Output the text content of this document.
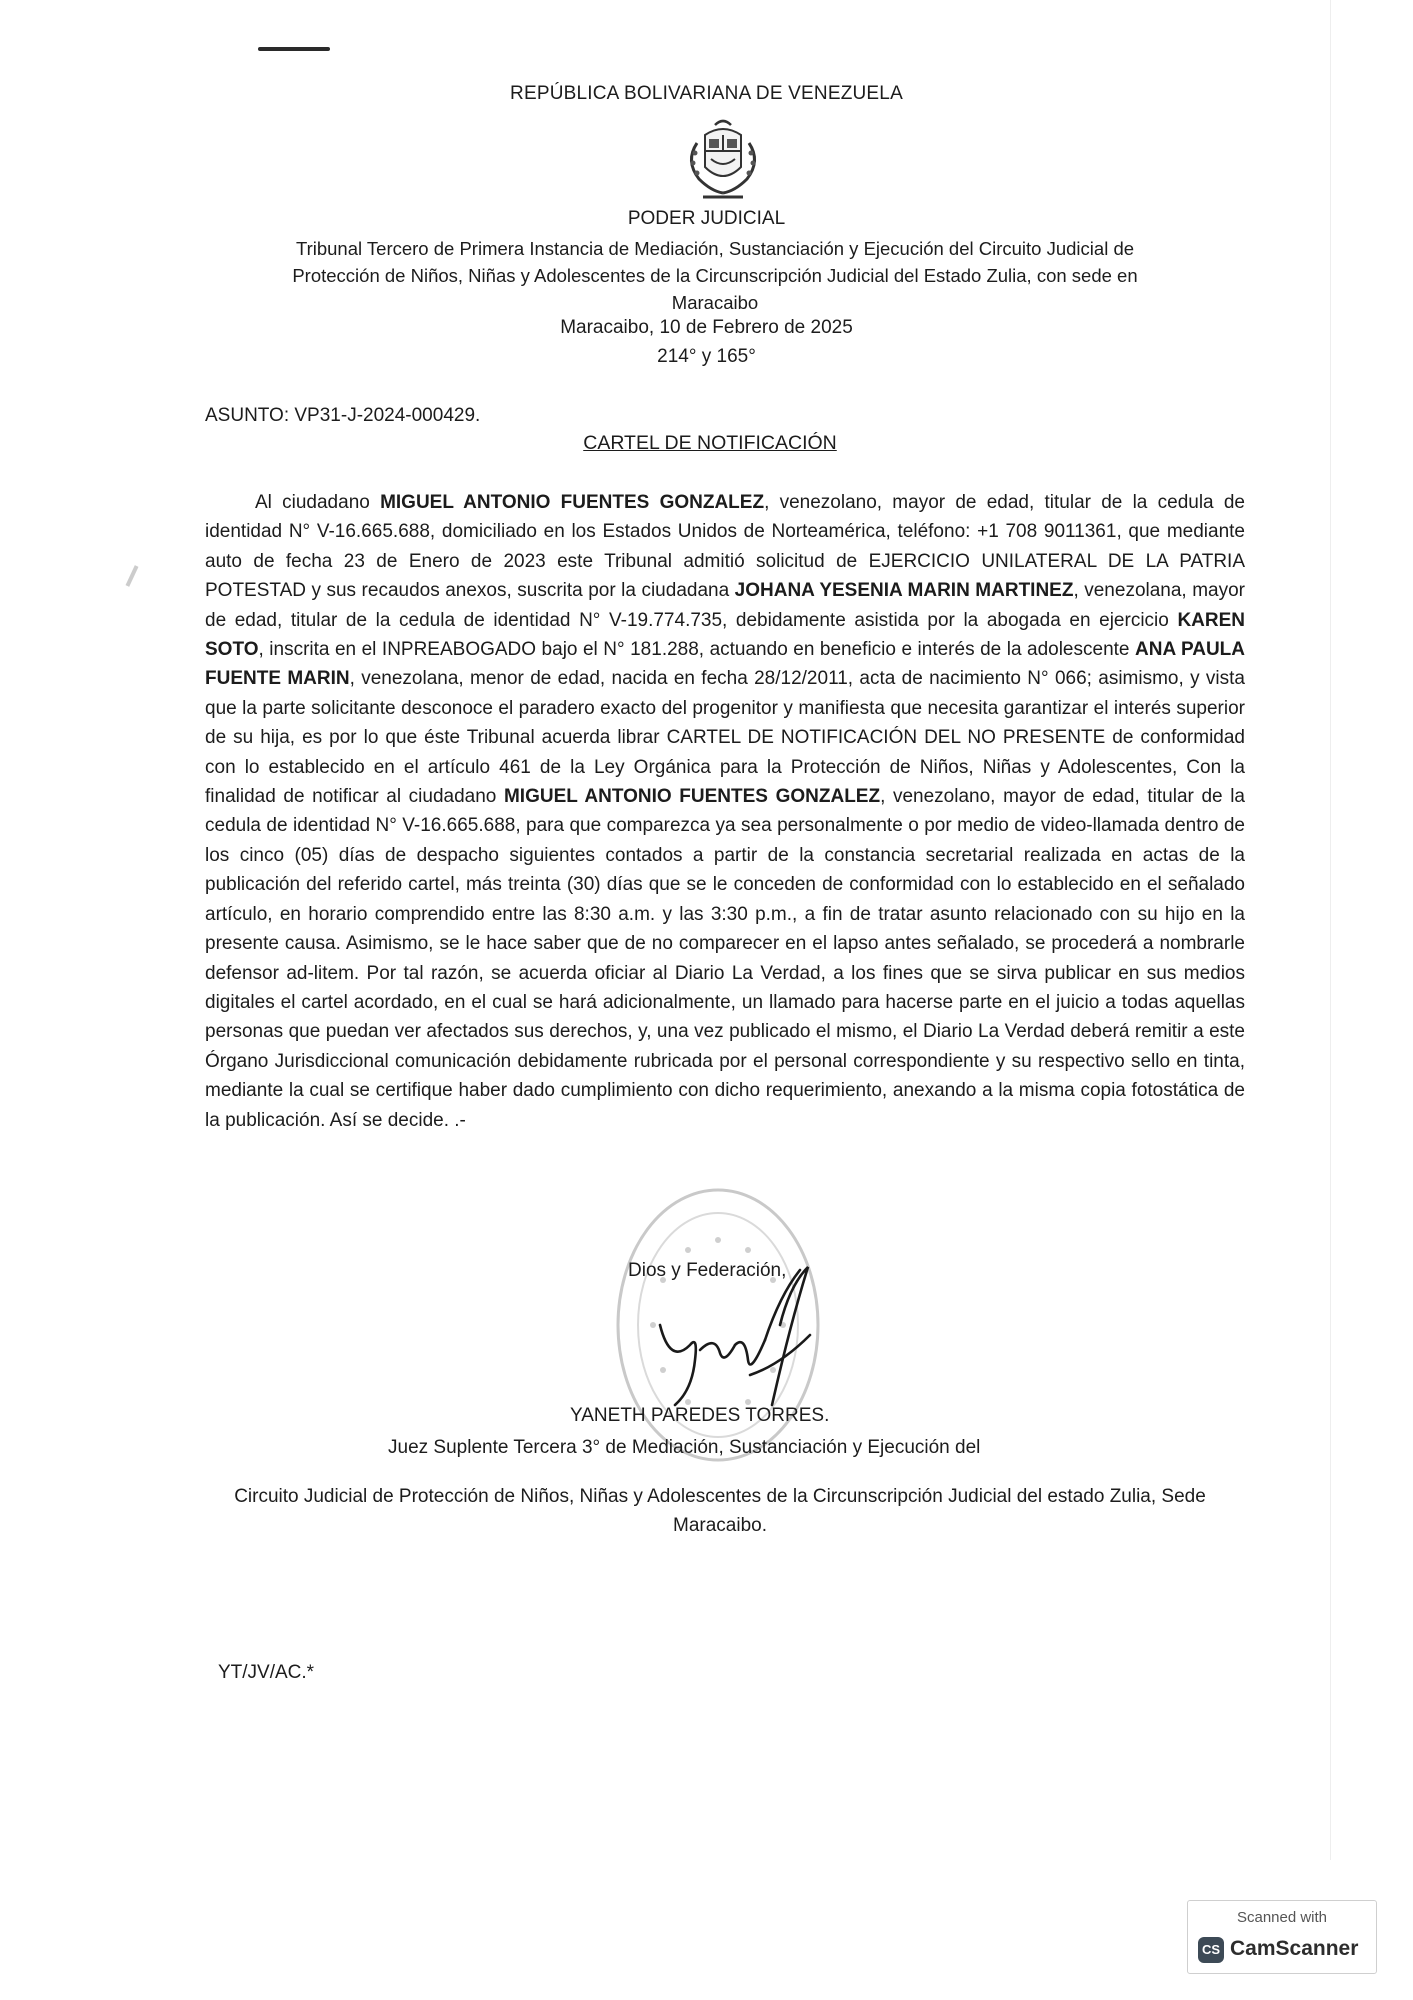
REPÚBLICA BOLIVARIANA DE VENEZUELA
PODER JUDICIAL
Tribunal Tercero de Primera Instancia de Mediación, Sustanciación y Ejecución del Circuito Judicial de
Protección de Niños, Niñas y Adolescentes de la Circunscripción Judicial del Estado Zulia, con sede en
Maracaibo
Maracaibo, 10 de Febrero de 2025
214° y 165°
ASUNTO: VP31-J-2024-000429.
CARTEL DE NOTIFICACIÓN
Al ciudadano MIGUEL ANTONIO FUENTES GONZALEZ, venezolano, mayor de edad, titular de la cedula de identidad N° V-16.665.688, domiciliado en los Estados Unidos de Norteamérica, teléfono: +1 708 9011361, que mediante auto de fecha 23 de Enero de 2023 este Tribunal admitió solicitud de EJERCICIO UNILATERAL DE LA PATRIA POTESTAD y sus recaudos anexos, suscrita por la ciudadana JOHANA YESENIA MARIN MARTINEZ, venezolana, mayor de edad, titular de la cedula de identidad N° V-19.774.735, debidamente asistida por la abogada en ejercicio KAREN SOTO, inscrita en el INPREABOGADO bajo el N° 181.288, actuando en beneficio e interés de la adolescente ANA PAULA FUENTE MARIN, venezolana, menor de edad, nacida en fecha 28/12/2011, acta de nacimiento N° 066; asimismo, y vista que la parte solicitante desconoce el paradero exacto del progenitor y manifiesta que necesita garantizar el interés superior de su hija, es por lo que éste Tribunal acuerda librar CARTEL DE NOTIFICACIÓN DEL NO PRESENTE de conformidad con lo establecido en el artículo 461 de la Ley Orgánica para la Protección de Niños, Niñas y Adolescentes, Con la finalidad de notificar al ciudadano MIGUEL ANTONIO FUENTES GONZALEZ, venezolano, mayor de edad, titular de la cedula de identidad N° V-16.665.688, para que comparezca ya sea personalmente o por medio de video-llamada dentro de los cinco (05) días de despacho siguientes contados a partir de la constancia secretarial realizada en actas de la publicación del referido cartel, más treinta (30) días que se le conceden de conformidad con lo establecido en el señalado artículo, en horario comprendido entre las 8:30 a.m. y las 3:30 p.m., a fin de tratar asunto relacionado con su hijo en la presente causa. Asimismo, se le hace saber que de no comparecer en el lapso antes señalado, se procederá a nombrarle defensor ad-litem. Por tal razón, se acuerda oficiar al Diario La Verdad, a los fines que se sirva publicar en sus medios digitales el cartel acordado, en el cual se hará adicionalmente, un llamado para hacerse parte en el juicio a todas aquellas personas que puedan ver afectados sus derechos, y, una vez publicado el mismo, el Diario La Verdad deberá remitir a este Órgano Jurisdiccional comunicación debidamente rubricada por el personal correspondiente y su respectivo sello en tinta, mediante la cual se certifique haber dado cumplimiento con dicho requerimiento, anexando a la misma copia fotostática de la publicación. Así se decide. .-
Dios y Federación,
YANETH PAREDES TORRES.
Juez Suplente Tercera 3° de Mediación, Sustanciación y Ejecución del
Circuito Judicial de Protección de Niños, Niñas y Adolescentes de la Circunscripción Judicial del estado Zulia, Sede Maracaibo.
YT/JV/AC.*
Scanned with
CS CamScanner
